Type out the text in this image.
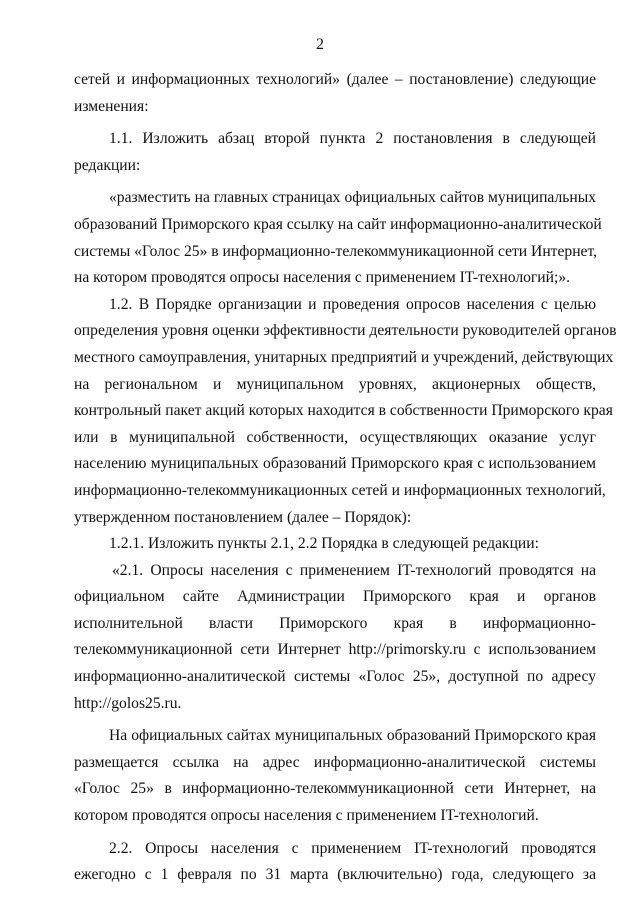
2
сетей и информационных технологий» (далее – постановление) следующие
изменения:
1.1. Изложить абзац второй пункта 2 постановления в следующей
редакции:
«разместить на главных страницах официальных сайтов муниципальных
образований Приморского края ссылку на сайт информационно-аналитической
системы «Голос 25» в информационно-телекоммуникационной сети Интернет,
на котором проводятся опросы населения с применением IT-технологий;».
1.2. В Порядке организации и проведения опросов населения с целью
определения уровня оценки эффективности деятельности руководителей органов
местного самоуправления, унитарных предприятий и учреждений, действующих
на региональном и муниципальном уровнях, акционерных обществ,
контрольный пакет акций которых находится в собственности Приморского края
или в муниципальной собственности, осуществляющих оказание услуг
населению муниципальных образований Приморского края с использованием
информационно-телекоммуникационных сетей и информационных технологий,
утвержденном постановлением (далее – Порядок):
1.2.1. Изложить пункты 2.1, 2.2 Порядка в следующей редакции:
«2.1. Опросы населения с применением IT-технологий проводятся на
официальном сайте Администрации Приморского края и органов
исполнительной власти Приморского края в информационно-
телекоммуникационной сети Интернет http://primorsky.ru с использованием
информационно-аналитической системы «Голос 25», доступной по адресу
http://golos25.ru.
На официальных сайтах муниципальных образований Приморского края
размещается ссылка на адрес информационно-аналитической системы
«Голос 25» в информационно-телекоммуникационной сети Интернет, на
котором проводятся опросы населения с применением IT-технологий.
2.2. Опросы населения с применением IT-технологий проводятся
ежегодно с 1 февраля по 31 марта (включительно) года, следующего за
